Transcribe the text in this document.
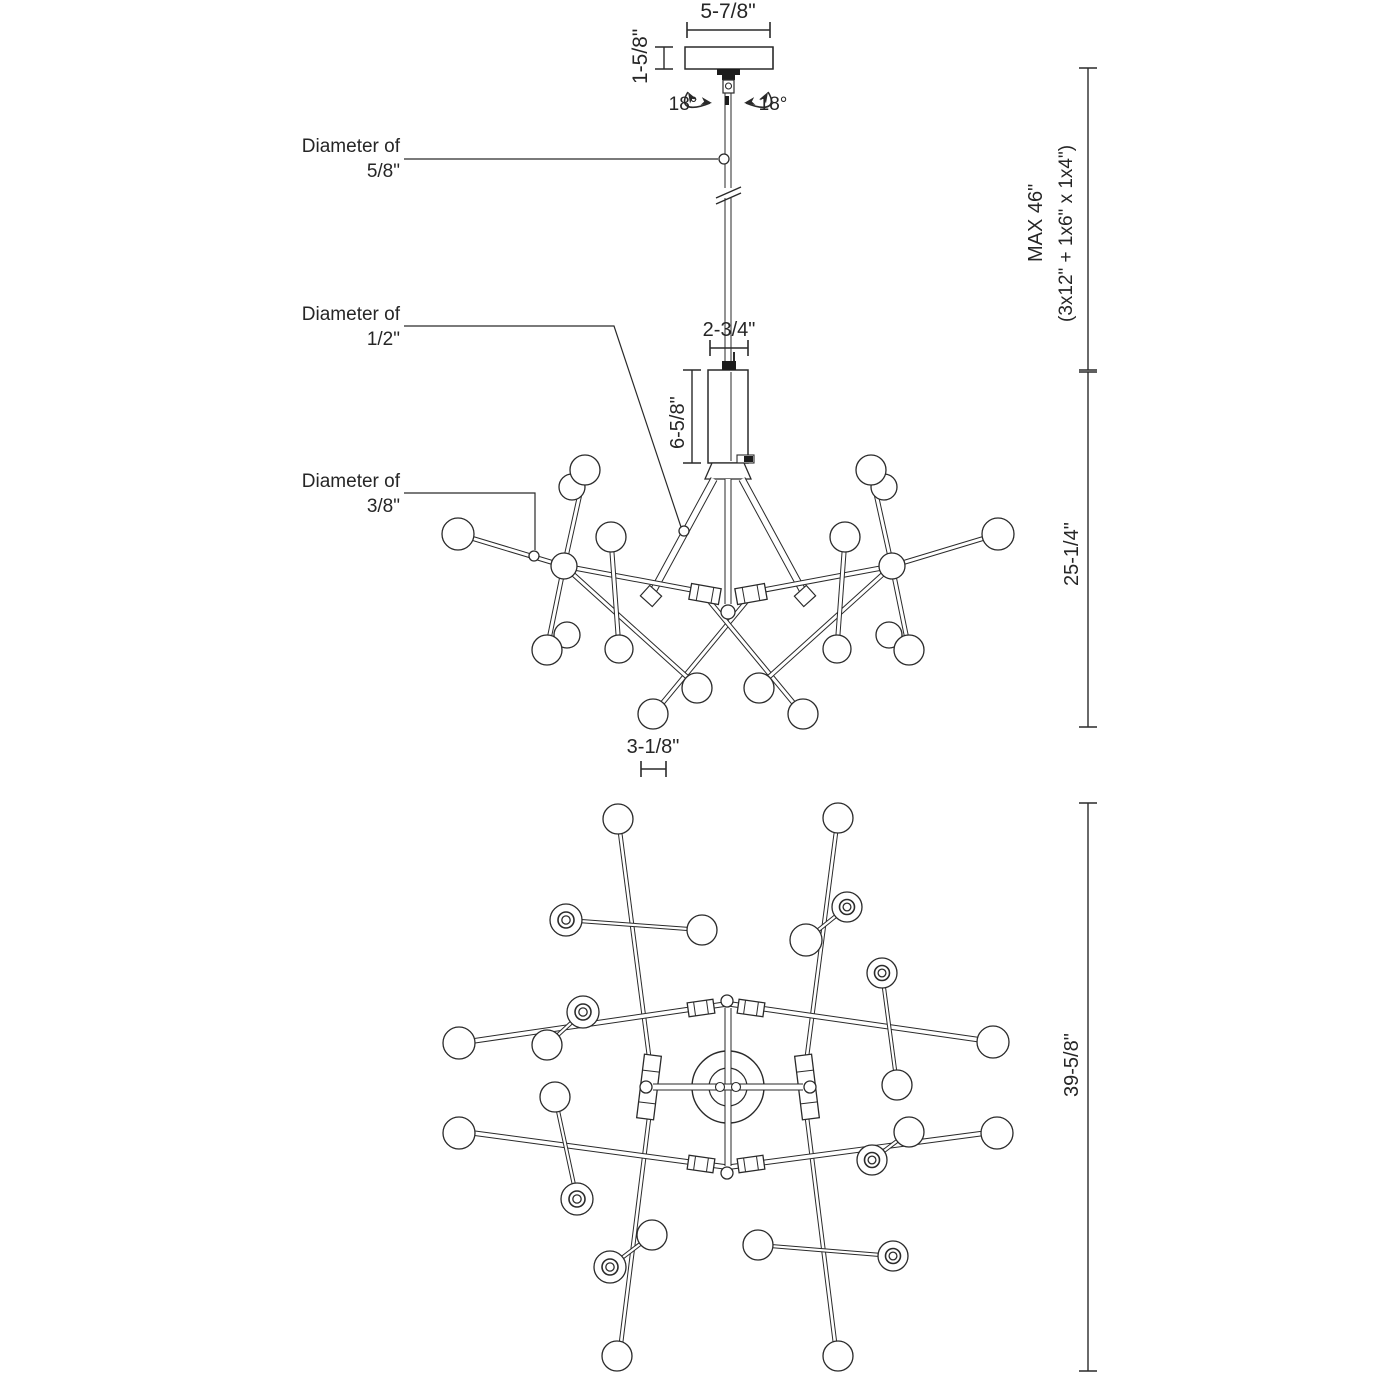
5-7/8"
1-5/8"
18°	18°
Diameter of
5/8"
Diameter of
1/2"
Diameter of
3/8"
2-3/4"
6-5/8"
MAX 46" (3x12" + 1x6" x 1x4")
25-1/4"
3-1/8"
39-5/8"
